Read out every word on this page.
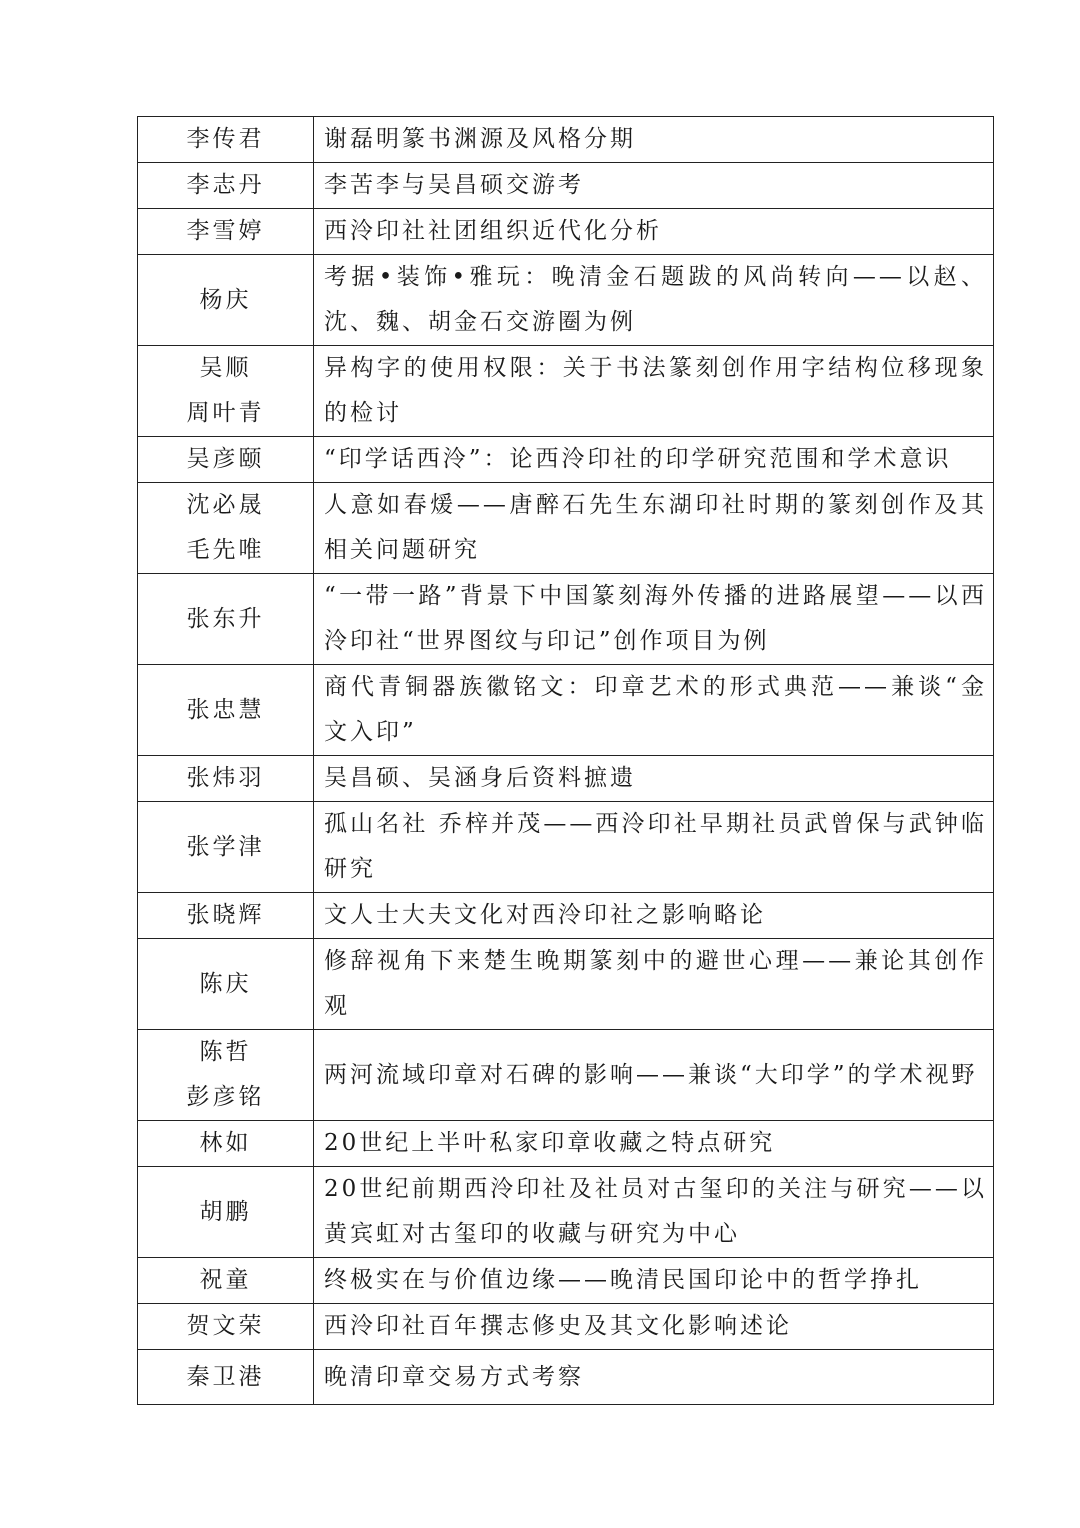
李传君	谢磊明篆书渊源及风格分期

李志丹	李苦李与吴昌硕交游考

李雪婷	西泠印社社团组织近代化分析

杨庆	考据•装饰•雅玩：晚清金石题跋的风尚转向——以赵、沈、魏、胡金石交游圈为例

吴顺
周叶青	异构字的使用权限：关于书法篆刻创作用字结构位移现象的检讨

吴彦颐	“印学话西泠”：论西泠印社的印学研究范围和学术意识

沈必晟
毛先唯	人意如春煖——唐醉石先生东湖印社时期的篆刻创作及其相关问题研究

张东升	“一带一路”背景下中国篆刻海外传播的进路展望——以西泠印社“世界图纹与印记”创作项目为例

张忠慧	商代青铜器族徽铭文：印章艺术的形式典范——兼谈“金文入印”

张炜羽	吴昌硕、吴涵身后资料摭遗

张学津	孤山名社 乔梓并茂——西泠印社早期社员武曾保与武钟临研究

张晓辉	文人士大夫文化对西泠印社之影响略论

陈庆	修辞视角下来楚生晚期篆刻中的避世心理——兼论其创作观

陈哲
彭彦铭	两河流域印章对石碑的影响——兼谈“大印学”的学术视野

林如	20世纪上半叶私家印章收藏之特点研究

胡鹏	20世纪前期西泠印社及社员对古玺印的关注与研究——以黄宾虹对古玺印的收藏与研究为中心

祝童	终极实在与价值边缘——晚清民国印论中的哲学挣扎

贺文荣	西泠印社百年撰志修史及其文化影响述论

秦卫港	晚清印章交易方式考察
